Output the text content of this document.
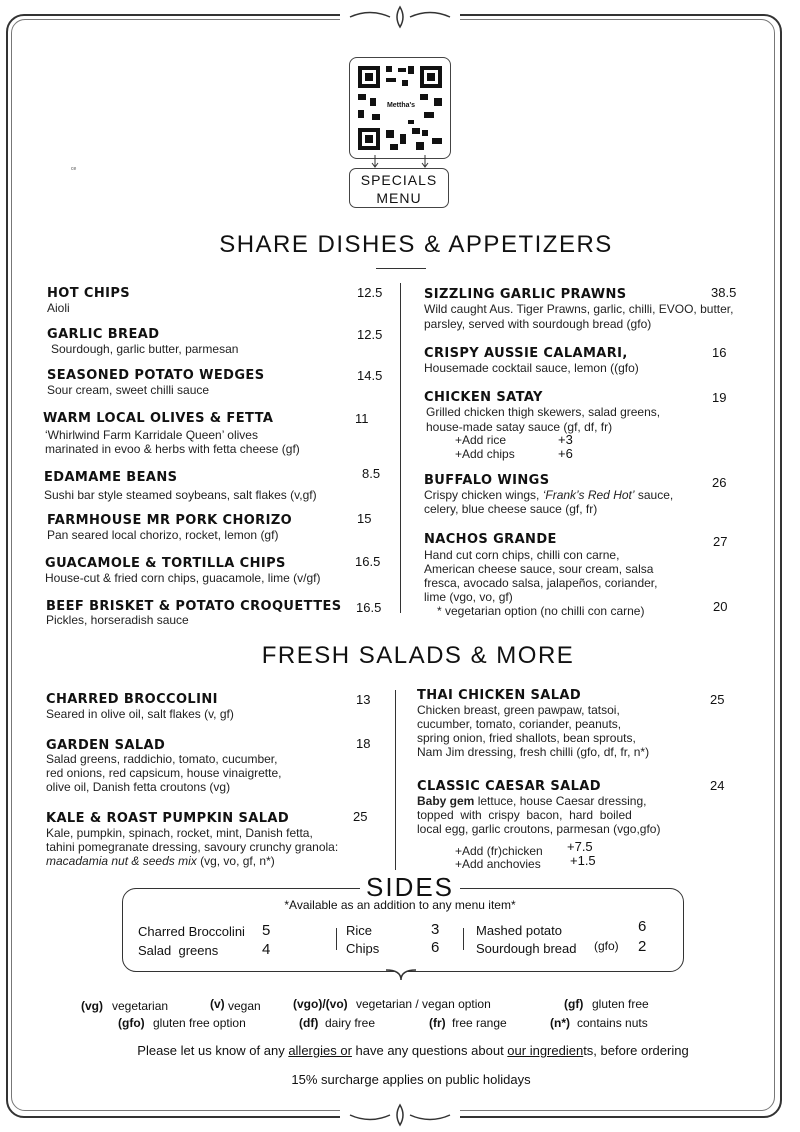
Mettha's
SPECIALS
MENU
ce
SHARE DISHES & APPETIZERS
HOT CHIPS	12.5
Aioli
GARLIC BREAD	12.5
Sourdough, garlic butter, parmesan
SEASONED POTATO WEDGES	14.5
Sour cream, sweet chilli sauce
WARM LOCAL OLIVES & FETTA	11
‘Whirlwind Farm Karridale Queen’ olives
marinated in evoo & herbs with fetta cheese (gf)
EDAMAME BEANS	8.5
Sushi bar style steamed soybeans, salt flakes (v,gf)
FARMHOUSE MR PORK CHORIZO	15
Pan seared local chorizo, rocket, lemon (gf)
GUACAMOLE & TORTILLA CHIPS	16.5
House-cut & fried corn chips, guacamole, lime (v/gf)
BEEF BRISKET & POTATO CROQUETTES 16.5
Pickles, horseradish sauce
SIZZLING GARLIC PRAWNS	38.5
Wild caught Aus. Tiger Prawns, garlic, chilli, EVOO, butter,
parsley, served with sourdough bread (gfo)
CRISPY AUSSIE CALAMARI,	16
Housemade cocktail sauce, lemon ((gfo)
CHICKEN SATAY	19
Grilled chicken thigh skewers, salad greens,
house-made satay sauce (gf, df, fr)
+Add rice	+3
+Add chips	+6
BUFFALO WINGS	26
Crispy chicken wings, ‘Frank’s Red Hot’ sauce,
celery, blue cheese sauce (gf, fr)
NACHOS GRANDE	27
Hand cut corn chips, chilli con carne,
American cheese sauce, sour cream, salsa
fresca, avocado salsa, jalapeños, coriander,
lime (vgo, vo, gf)
* vegetarian option (no chilli con carne)	20
FRESH SALADS & MORE
CHARRED BROCCOLINI	13
Seared in olive oil, salt flakes (v, gf)
GARDEN SALAD	18
Salad greens, raddichio, tomato, cucumber,
red onions, red capsicum, house vinaigrette,
olive oil, Danish fetta croutons (vg)
KALE & ROAST PUMPKIN SALAD	25
Kale, pumpkin, spinach, rocket, mint, Danish fetta,
tahini pomegranate dressing, savoury crunchy granola:
macadamia nut & seeds mix (vg, vo, gf, n*)
THAI CHICKEN SALAD	25
Chicken breast, green pawpaw, tatsoi,
cucumber, tomato, coriander, peanuts,
spring onion, fried shallots, bean sprouts,
Nam Jim dressing, fresh chilli (gfo, df, fr, n*)
CLASSIC CAESAR SALAD	24
Baby gem lettuce, house Caesar dressing,
topped  with  crispy  bacon,  hard  boiled
local egg, garlic croutons, parmesan (vgo,gfo)
+Add (fr)chicken +7.5
+Add anchovies +1.5
SIDES
*Available as an addition to any menu item*
Charred Broccolini 5
Salad  greens	4
Rice	3
Chips	6
Mashed potato	6
Sourdough bread (gfo) 2
(vg) vegetarian	(v) vegan	(vgo)/(vo) vegetarian / vegan option	(gf) gluten free
(gfo) gluten free option	(df) dairy free	(fr) free range	(n*) contains nuts
Please let us know of any allergies or have any questions about our ingredients, before ordering
15% surcharge applies on public holidays
